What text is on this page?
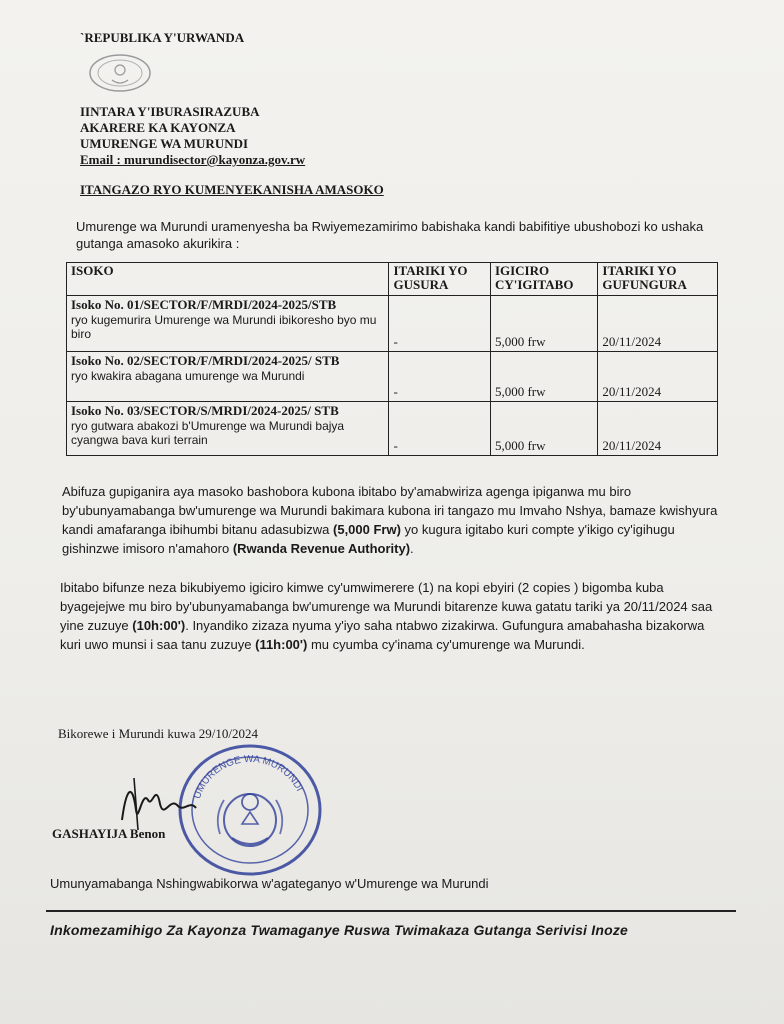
`REPUBLIKA Y'URWANDA
IINTARA Y'IBURASIRAZUBA
AKARERE KA KAYONZA
UMURENGE WA MURUNDI
Email : murundisector@kayonza.gov.rw
ITANGAZO RYO KUMENYEKANISHA AMASOKO
Umurenge wa Murundi uramenyesha ba Rwiyemezamirimo babishaka kandi babifitiye ubushobozi ko ushaka gutanga amasoko akurikira :
ISOKO	ITARIKI YO GUSURA	IGICIRO CY'IGITABO	ITARIKI YO GUFUNGURA

Isoko No. 01/SECTOR/F/MRDI/2024-2025/STB
ryo kugemurira Umurenge wa Murundi ibikoresho byo mu biro	-	5,000 frw	20/11/2024

Isoko No. 02/SECTOR/F/MRDI/2024-2025/ STB
ryo kwakira abagana umurenge wa Murundi	-	5,000 frw	20/11/2024

Isoko No. 03/SECTOR/S/MRDI/2024-2025/ STB
ryo gutwara abakozi b'Umurenge wa Murundi bajya cyangwa bava kuri terrain	-	5,000 frw	20/11/2024
Abifuza gupiganira aya masoko bashobora kubona ibitabo by'amabwiriza agenga ipiganwa mu biro by'ubunyamabanga bw'umurenge wa Murundi bakimara kubona iri tangazo mu Imvaho Nshya, bamaze kwishyura kandi amafaranga ibihumbi bitanu adasubizwa (5,000 Frw) yo kugura igitabo kuri compte y'ikigo cy'igihugu gishinzwe imisoro n'amahoro (Rwanda Revenue Authority).
Ibitabo bifunze neza bikubiyemo igiciro kimwe cy'umwimerere (1) na kopi ebyiri (2 copies ) bigomba kuba byagejejwe mu biro by'ubunyamabanga bw'umurenge wa Murundi bitarenze kuwa gatatu tariki ya 20/11/2024 saa yine zuzuye (10h:00'). Inyandiko zizaza nyuma y'iyo saha ntabwo zizakirwa. Gufungura amabahasha bizakorwa kuri uwo munsi i saa tanu zuzuye (11h:00') mu cyumba cy'inama cy'umurenge wa Murundi.
Bikorewe i Murundi kuwa 29/10/2024
UMURENGE WA MURUNDI
GASHAYIJA Benon
Umunyamabanga Nshingwabikorwa w'agateganyo w'Umurenge wa Murundi
Inkomezamihigo Za Kayonza Twamaganye Ruswa Twimakaza Gutanga Serivisi Inoze
